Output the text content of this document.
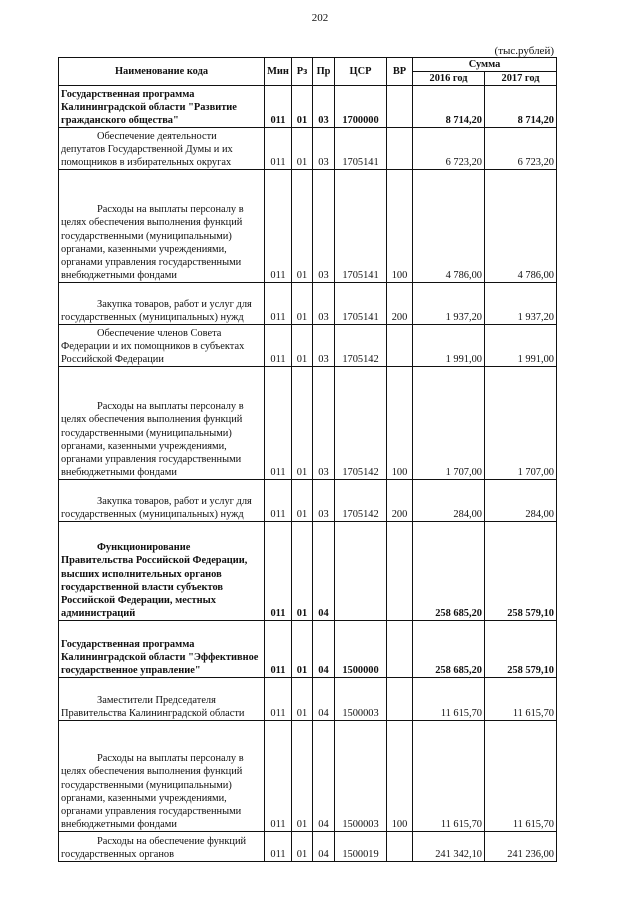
202
(тыс.рублей)
Наименование кода	Мин	Рз	Пр	ЦСР	ВР	Сумма	
						2016 год	2017 год
Государственная программа Калининградской области "Развитие гражданского общества"	011	01	03	1700000		8 714,20	8 714,20
Обеспечение деятельности депутатов Государственной Думы и их помощников в избирательных округах	011	01	03	1705141		6 723,20	6 723,20
Расходы на выплаты персоналу в целях обеспечения выполнения функций государственными (муниципальными) органами, казенными учреждениями, органами управления государственными внебюджетными фондами	011	01	03	1705141	100	4 786,00	4 786,00
Закупка товаров, работ и услуг для государственных (муниципальных) нужд	011	01	03	1705141	200	1 937,20	1 937,20
Обеспечение членов Совета Федерации и их помощников в субъектах Российской Федерации	011	01	03	1705142		1 991,00	1 991,00
Расходы на выплаты персоналу в целях обеспечения выполнения функций государственными (муниципальными) органами, казенными учреждениями, органами управления государственными внебюджетными фондами	011	01	03	1705142	100	1 707,00	1 707,00
Закупка товаров, работ и услуг для государственных (муниципальных) нужд	011	01	03	1705142	200	284,00	284,00
Функционирование Правительства Российской Федерации, высших исполнительных органов государственной власти субъектов Российской Федерации, местных администраций	011	01	04			258 685,20	258 579,10
Государственная программа Калининградской области "Эффективное государственное управление"	011	01	04	1500000		258 685,20	258 579,10
Заместители Председателя Правительства Калининградской области	011	01	04	1500003		11 615,70	11 615,70
Расходы на выплаты персоналу в целях обеспечения выполнения функций государственными (муниципальными) органами, казенными учреждениями, органами управления государственными внебюджетными фондами	011	01	04	1500003	100	11 615,70	11 615,70
Расходы на обеспечение функций государственных органов	011	01	04	1500019		241 342,10	241 236,00
